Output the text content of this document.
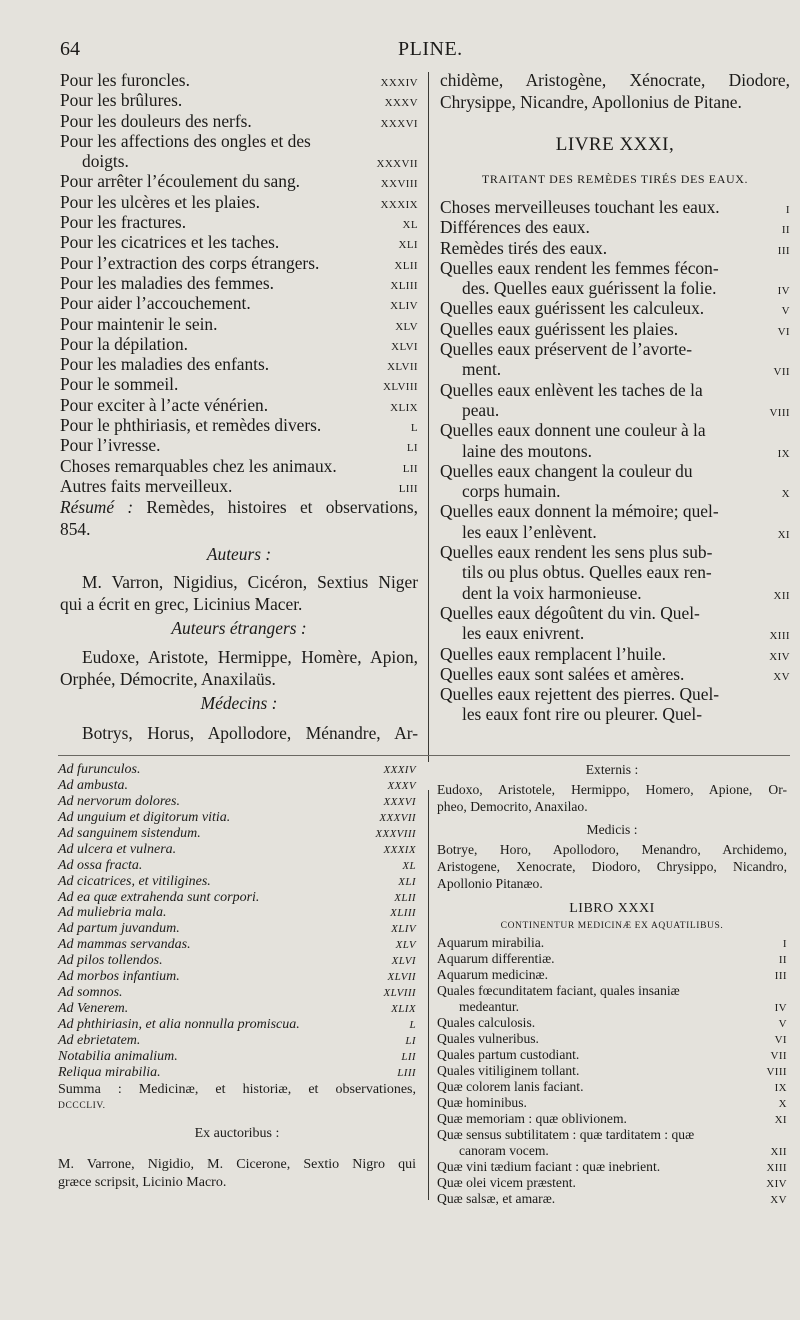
64	PLINE.
Pour les furoncles.	XXXIV
Pour les brûlures.	XXXV
Pour les douleurs des nerfs.	XXXVI
Pour les affections des ongles et des
doigts.	XXXVII
Pour arrêter l’écoulement du sang.	XXVIII
Pour les ulcères et les plaies.	XXXIX
Pour les fractures.	XL
Pour les cicatrices et les taches.	XLI
Pour l’extraction des corps étrangers.	XLII
Pour les maladies des femmes.	XLIII
Pour aider l’accouchement.	XLIV
Pour maintenir le sein.	XLV
Pour la dépilation.	XLVI
Pour les maladies des enfants.	XLVII
Pour le sommeil.	XLVIII
Pour exciter à l’acte vénérien.	XLIX
Pour le phthiriasis, et remèdes divers.	L
Pour l’ivresse.	LI
Choses remarquables chez les animaux.	LII
Autres faits merveilleux.	LIII
Résumé : Remèdes, histoires et observations,
854.
Auteurs :
M. Varron, Nigidius, Cicéron, Sextius Niger
qui a écrit en grec, Licinius Macer.
Auteurs étrangers :
Eudoxe, Aristote, Hermippe, Homère, Apion,
Orphée, Démocrite, Anaxilaüs.
Médecins :
Botrys, Horus, Apollodore, Ménandre, Ar-
chidème, Aristogène, Xénocrate, Diodore,
Chrysippe, Nicandre, Apollonius de Pitane.
LIVRE XXXI,
TRAITANT DES REMÈDES TIRÉS DES EAUX.
Choses merveilleuses touchant les eaux.	I
Différences des eaux.	II
Remèdes tirés des eaux.	III
Quelles eaux rendent les femmes fécon-
des. Quelles eaux guérissent la folie.	IV
Quelles eaux guérissent les calculeux.	V
Quelles eaux guérissent les plaies.	VI
Quelles eaux préservent de l’avorte-
ment.	VII
Quelles eaux enlèvent les taches de la
peau.	VIII
Quelles eaux donnent une couleur à la
laine des moutons.	IX
Quelles eaux changent la couleur du
corps humain.	X
Quelles eaux donnent la mémoire; quel-
les eaux l’enlèvent.	XI
Quelles eaux rendent les sens plus sub-
tils ou plus obtus. Quelles eaux ren-
dent la voix harmonieuse.	XII
Quelles eaux dégoûtent du vin. Quel-
les eaux enivrent.	XIII
Quelles eaux remplacent l’huile.	XIV
Quelles eaux sont salées et amères.	XV
Quelles eaux rejettent des pierres. Quel-
les eaux font rire ou pleurer. Quel-
Ad furunculos.	XXXIV
Ad ambusta.	XXXV
Ad nervorum dolores.	XXXVI
Ad unguium et digitorum vitia.	XXXVII
Ad sanguinem sistendum.	XXXVIII
Ad ulcera et vulnera.	XXXIX
Ad ossa fracta.	XL
Ad cicatrices, et vitiligines.	XLI
Ad ea quæ extrahenda sunt corpori.	XLII
Ad muliebria mala.	XLIII
Ad partum juvandum.	XLIV
Ad mammas servandas.	XLV
Ad pilos tollendos.	XLVI
Ad morbos infantium.	XLVII
Ad somnos.	XLVIII
Ad Venerem.	XLIX
Ad phthiriasin, et alia nonnulla promiscua.	L
Ad ebrietatem.	LI
Notabilia animalium.	LII
Reliqua mirabilia.	LIII
Summa : Medicinæ, et historiæ, et observationes,
DCCCLIV.
Ex auctoribus :
M. Varrone, Nigidio, M. Cicerone, Sextio Nigro qui
græce scripsit, Licinio Macro.
Externis :
Eudoxo, Aristotele, Hermippo, Homero, Apione, Or-
pheo, Democrito, Anaxilao.
Medicis :
Botrye, Horo, Apollodoro, Menandro, Archidemo,
Aristogene, Xenocrate, Diodoro, Chrysippo, Nicandro,
Apollonio Pitanæo.
LIBRO XXXI
CONTINENTUR MEDICINÆ EX AQUATILIBUS.
Aquarum mirabilia.	I
Aquarum differentiæ.	II
Aquarum medicinæ.	III
Quales fœcunditatem faciant, quales insaniæ
medeantur.	IV
Quales calculosis.	V
Quales vulneribus.	VI
Quales partum custodiant.	VII
Quales vitiliginem tollant.	VIII
Quæ colorem lanis faciant.	IX
Quæ hominibus.	X
Quæ memoriam : quæ oblivionem.	XI
Quæ sensus subtilitatem : quæ tarditatem : quæ
canoram vocem.	XII
Quæ vini tædium faciant : quæ inebrient.	XIII
Quæ olei vicem præstent.	XIV
Quæ salsæ, et amaræ.	XV
